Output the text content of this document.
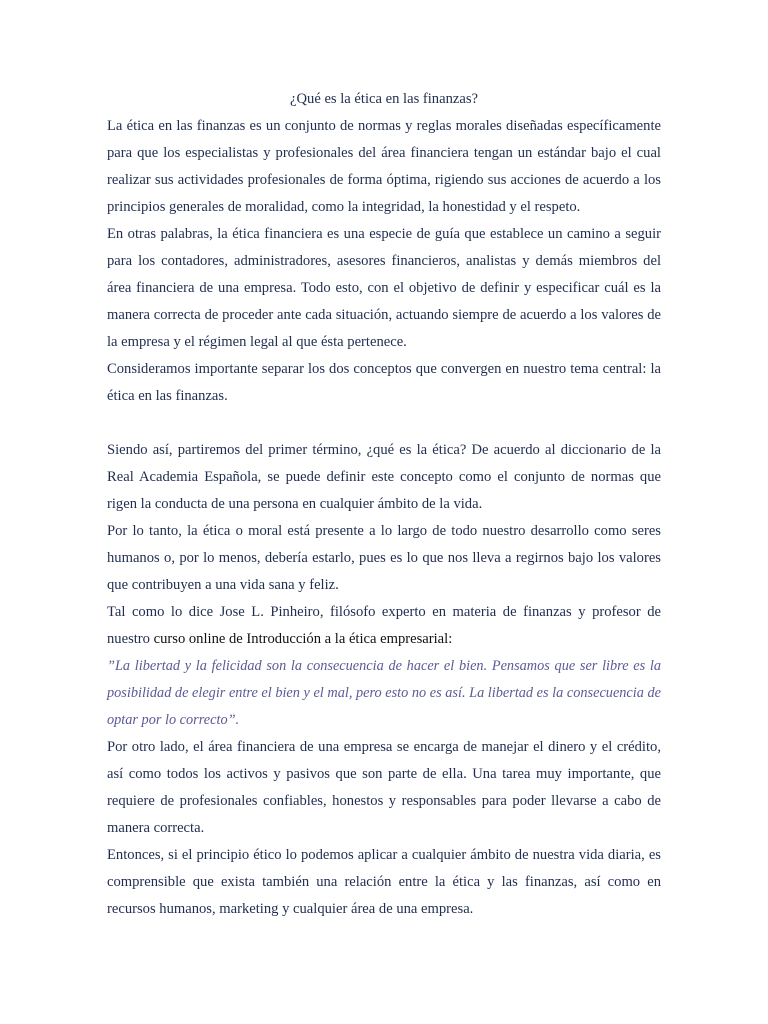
¿Qué es la ética en las finanzas?

La ética en las finanzas es un conjunto de normas y reglas morales diseñadas específicamente para que los especialistas y profesionales del área financiera tengan un estándar bajo el cual realizar sus actividades profesionales de forma óptima, rigiendo sus acciones de acuerdo a los principios generales de moralidad, como la integridad, la honestidad y el respeto.

En otras palabras, la ética financiera es una especie de guía que establece un camino a seguir para los contadores, administradores, asesores financieros, analistas y demás miembros del área financiera de una empresa. Todo esto, con el objetivo de definir y especificar cuál es la manera correcta de proceder ante cada situación, actuando siempre de acuerdo a los valores de la empresa y el régimen legal al que ésta pertenece.

Consideramos importante separar los dos conceptos que convergen en nuestro tema central: la ética en las finanzas.

Siendo así, partiremos del primer término, ¿qué es la ética? De acuerdo al diccionario de la Real Academia Española, se puede definir este concepto como el conjunto de normas que rigen la conducta de una persona en cualquier ámbito de la vida.

Por lo tanto, la ética o moral está presente a lo largo de todo nuestro desarrollo como seres humanos o, por lo menos, debería estarlo, pues es lo que nos lleva a regirnos bajo los valores que contribuyen a una vida sana y feliz.

Tal como lo dice Jose L. Pinheiro, filósofo experto en materia de finanzas y profesor de nuestro curso online de Introducción a la ética empresarial:

”La libertad y la felicidad son la consecuencia de hacer el bien. Pensamos que ser libre es la posibilidad de elegir entre el bien y el mal, pero esto no es así. La libertad es la consecuencia de optar por lo correcto”.

Por otro lado, el área financiera de una empresa se encarga de manejar el dinero y el crédito, así como todos los activos y pasivos que son parte de ella. Una tarea muy importante, que requiere de profesionales confiables, honestos y responsables para poder llevarse a cabo de manera correcta.

Entonces, si el principio ético lo podemos aplicar a cualquier ámbito de nuestra vida diaria, es comprensible que exista también una relación entre la ética y las finanzas, así como en recursos humanos, marketing y cualquier área de una empresa.
